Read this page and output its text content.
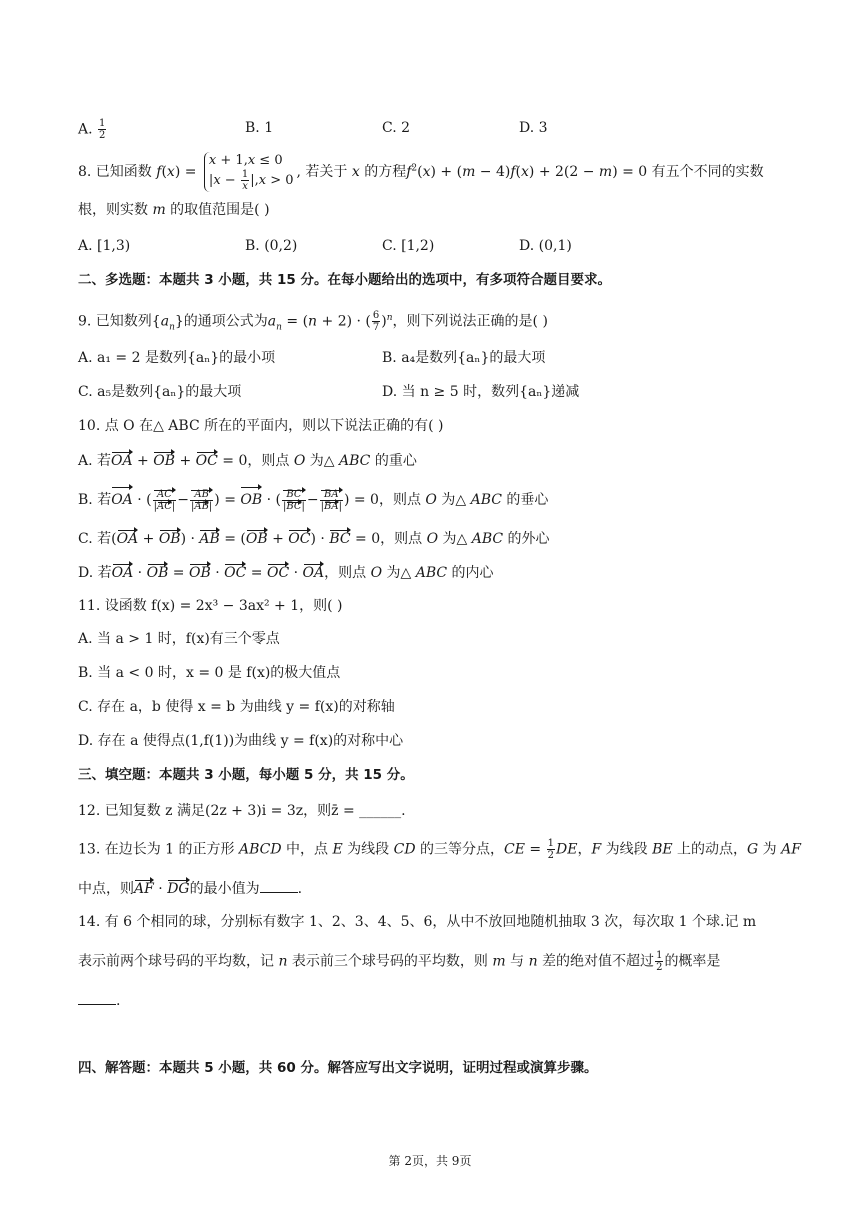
A. $\frac{1}{2}$	B. 1	C. 2	D. 3
8. 已知函数 f(x) =
x + 1,x ≤ 0
$|x - \frac{1}{x} |,x > 0$
, 若关于 x 的方程$f^2(x) + (m - 4)f(x) + 2(2 - m) = 0$ 有五个不同的实数
根，则实数 m 的取值范围是( )
A. [1,3)	B. (0,2)	C. [1,2)	D. (0,1)
二、多选题：本题共 3 小题，共 15 分。在每小题给出的选项中，有多项符合题目要求。
9. 已知数列$\{a_n\}$的通项公式为$a_n = (n + 2)$ · ( $\frac{6}{7} )^n$，则下列说法正确的是( )
A. a₁ = 2 是数列{aₙ}的最小项	B. a₄是数列{aₙ}的最大项
C. a₅是数列{aₙ}的最大项	D. 当 n ≥ 5 时，数列{aₙ}递减
10. 点 O 在△ ABC 所在的平面内，则以下说法正确的有( )
A. 若OA + OB + OC = 0，则点 O 为△ ABC 的重心
B. 若OA · ( $\frac{AC}{|AC|} - \frac{AB}{|AB|}$ ) = OB · ( $\frac{BC}{|BC|} - \frac{BA}{|BA|}$ ) = 0，则点 O 为△ ABC 的垂心
C. 若(OA + OB) · AB = (OB + OC) · BC = 0，则点 O 为△ ABC 的外心
D. 若OA · OB = OB · OC = OC · OA，则点 O 为△ ABC 的内心
11. 设函数 f(x) = 2x³ − 3ax² + 1，则( )
A. 当 a > 1 时，f(x)有三个零点
B. 当 a < 0 时，x = 0 是 f(x)的极大值点
C. 存在 a，b 使得 x = b 为曲线 y = f(x)的对称轴
D. 存在 a 使得点(1,f(1))为曲线 y = f(x)的对称中心
三、填空题：本题共 3 小题，每小题 5 分，共 15 分。
12. 已知复数 z 满足(2z + 3)i = 3z，则z̄ = ______.
13. 在边长为 1 的正方形 ABCD 中，点 E 为线段 CD 的三等分点，CE = $\frac{1}{2}$ DE，F 为线段 BE 上的动点，G 为 AF
中点，则AF · DG的最小值为	.
14. 有 6 个相同的球，分别标有数字 1、2、3、4、5、6，从中不放回地随机抽取 3 次，每次取 1 个球.记 m
表示前两个球号码的平均数，记 n 表示前三个球号码的平均数，则 m 与 n 差的绝对值不超过 $\frac{1}{2}$ 的概率是
.
四、解答题：本题共 5 小题，共 60 分。解答应写出文字说明，证明过程或演算步骤。
第 2页，共 9页
